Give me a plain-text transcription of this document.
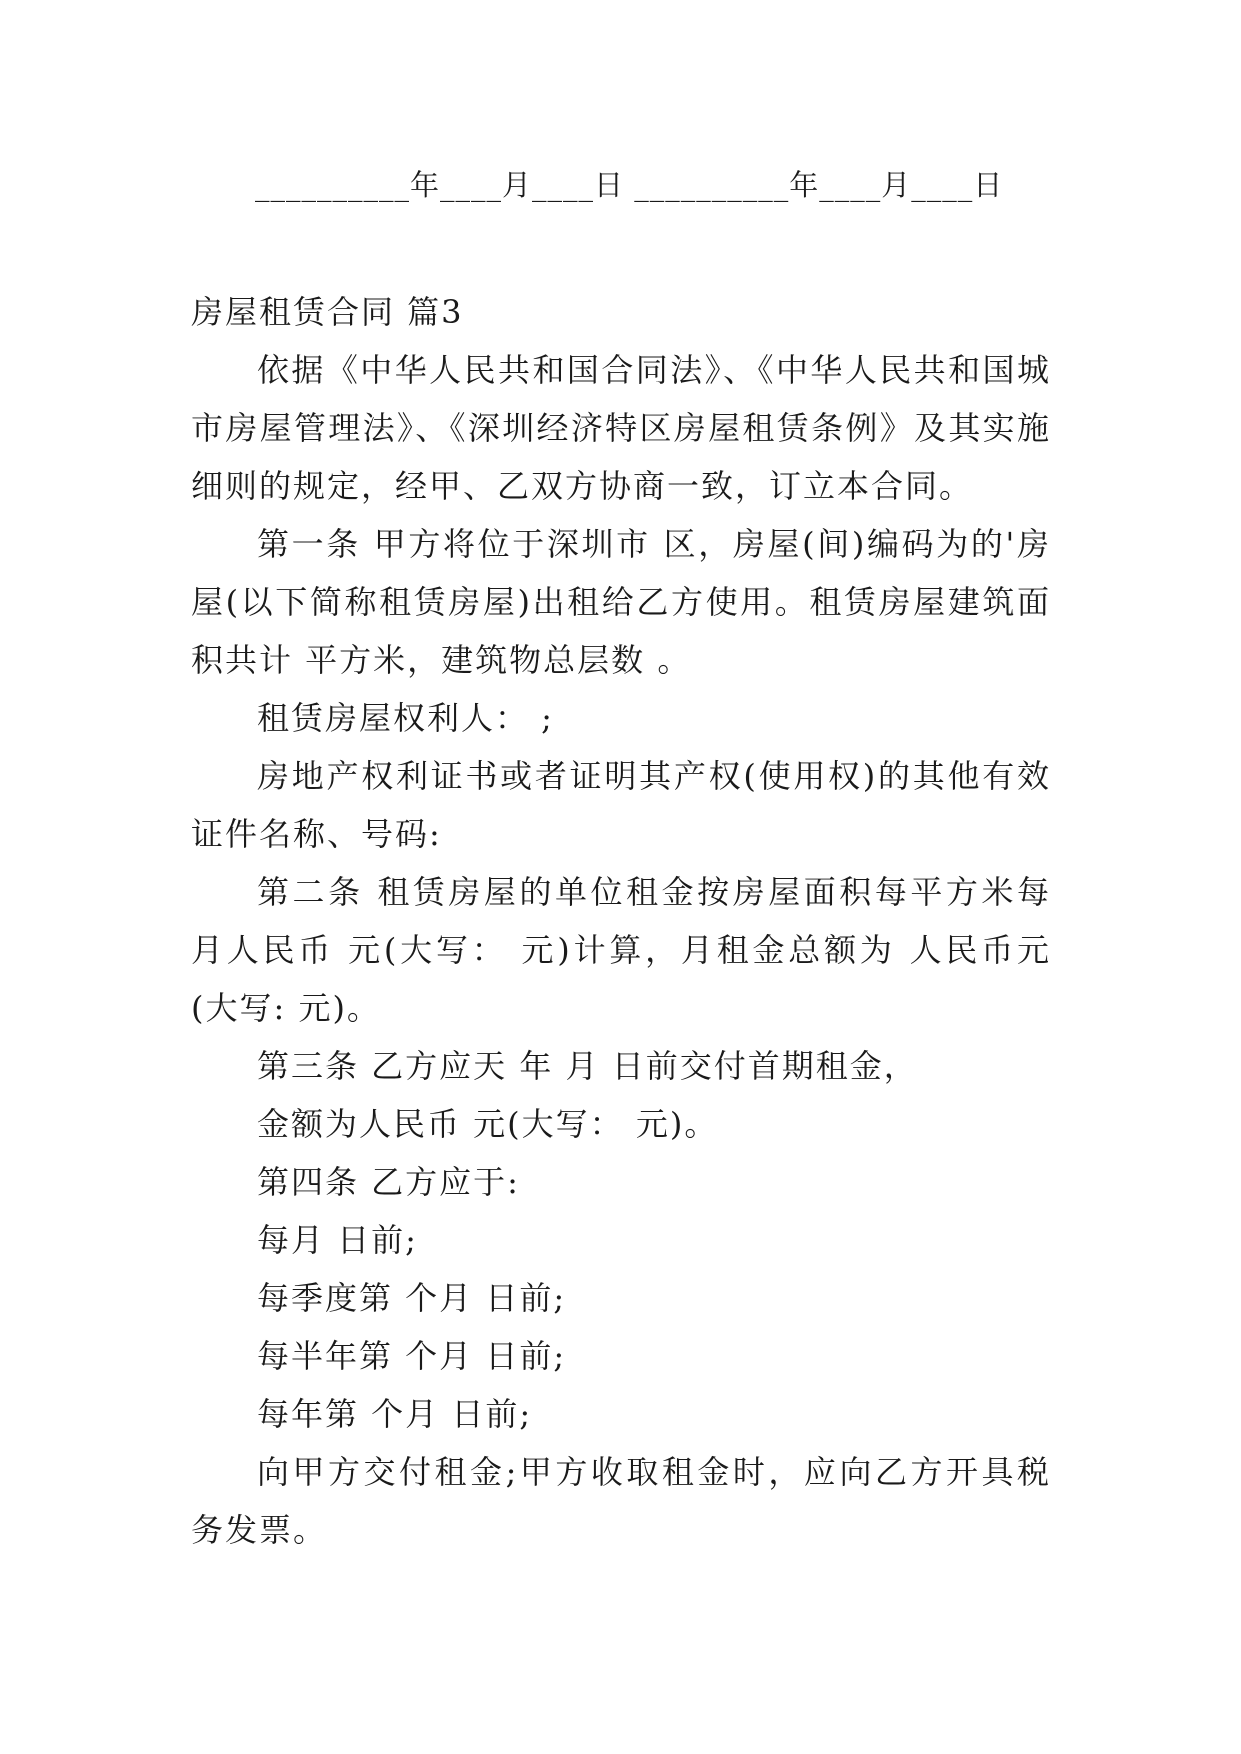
__________年____月____日 __________年____月____日

房屋租赁合同 篇3

依据《中华人民共和国合同法》、《中华人民共和国城市房屋管理法》、《深圳经济特区房屋租赁条例》及其实施细则的规定，经甲、乙双方协商一致，订立本合同。

第一条 甲方将位于深圳市 区，房屋(间)编码为的'房屋(以下简称租赁房屋)出租给乙方使用。租赁房屋建筑面积共计 平方米，建筑物总层数 。

租赁房屋权利人： ;

房地产权利证书或者证明其产权(使用权)的其他有效证件名称、号码:

第二条 租赁房屋的单位租金按房屋面积每平方米每月人民币 元(大写： 元)计算，月租金总额为 人民币元(大写: 元)。

第三条 乙方应天 年 月 日前交付首期租金，

金额为人民币 元(大写： 元)。

第四条 乙方应于:

每月 日前;

每季度第 个月 日前;

每半年第 个月 日前;

每年第 个月 日前;

向甲方交付租金;甲方收取租金时，应向乙方开具税务发票。
